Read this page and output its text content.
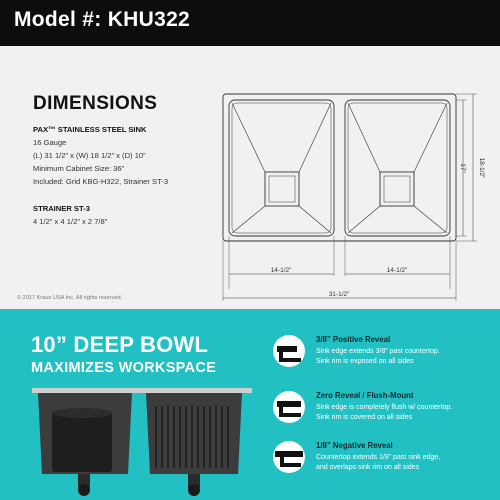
Model #: KHU322
DIMENSIONS
PAX™ STAINLESS STEEL SINK
16 Gauge
(L) 31 1/2” x (W) 18 1/2” x (D) 10”
Minimum Cabinet Size: 36”
Included: Grid KBG-H322, Strainer ST-3
STRAINER ST-3
4 1/2” x 4 1/2” x 2 7/8”
© 2017 Kraus USA Inc. All rights reserved.
14-1/2”	14-1/2”
31-1/2”
17” 18-1/2”
10” DEEP BOWL
MAXIMIZES WORKSPACE
3/8” Positive Reveal
Sink edge extends 3/8” past countertop.
Sink rim is exposed on all sides
Zero Reveal / Flush-Mount
Sink edge is completely flush w/ countertop.
Sink rim is covered on all sides
1/8” Negative Reveal
Countertop extends 1/8” past sink edge,
and overlaps sink rim on all sides
